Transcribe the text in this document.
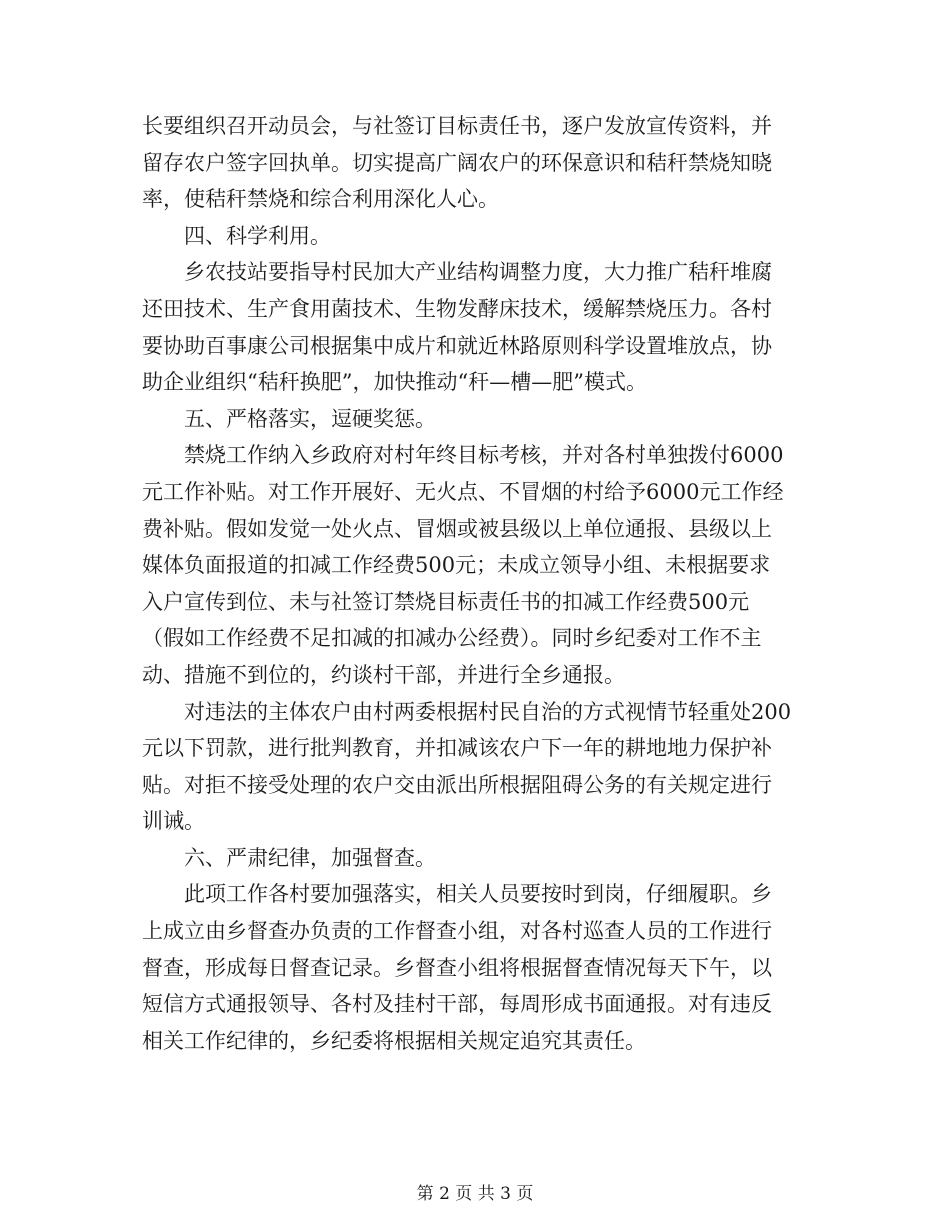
长要组织召开动员会，与社签订目标责任书，逐户发放宣传资料，并
留存农户签字回执单。切实提高广阔农户的环保意识和秸秆禁烧知晓
率，使秸秆禁烧和综合利用深化人心。
　　四、科学利用。
　　乡农技站要指导村民加大产业结构调整力度，大力推广秸秆堆腐
还田技术、生产食用菌技术、生物发酵床技术，缓解禁烧压力。各村
要协助百事康公司根据集中成片和就近林路原则科学设置堆放点，协
助企业组织“秸秆换肥”，加快推动“秆—槽—肥”模式。
　　五、严格落实，逗硬奖惩。
　　禁烧工作纳入乡政府对村年终目标考核，并对各村单独拨付6000
元工作补贴。对工作开展好、无火点、不冒烟的村给予6000元工作经
费补贴。假如发觉一处火点、冒烟或被县级以上单位通报、县级以上
媒体负面报道的扣减工作经费500元；未成立领导小组、未根据要求
入户宣传到位、未与社签订禁烧目标责任书的扣减工作经费500元
（假如工作经费不足扣减的扣减办公经费）。同时乡纪委对工作不主
动、措施不到位的，约谈村干部，并进行全乡通报。
　　对违法的主体农户由村两委根据村民自治的方式视情节轻重处200
元以下罚款，进行批判教育，并扣减该农户下一年的耕地地力保护补
贴。对拒不接受处理的农户交由派出所根据阻碍公务的有关规定进行
训诫。
　　六、严肃纪律，加强督查。
　　此项工作各村要加强落实，相关人员要按时到岗，仔细履职。乡
上成立由乡督查办负责的工作督查小组，对各村巡查人员的工作进行
督查，形成每日督查记录。乡督查小组将根据督查情况每天下午，以
短信方式通报领导、各村及挂村干部，每周形成书面通报。对有违反
相关工作纪律的，乡纪委将根据相关规定追究其责任。
第 2 页 共 3 页
